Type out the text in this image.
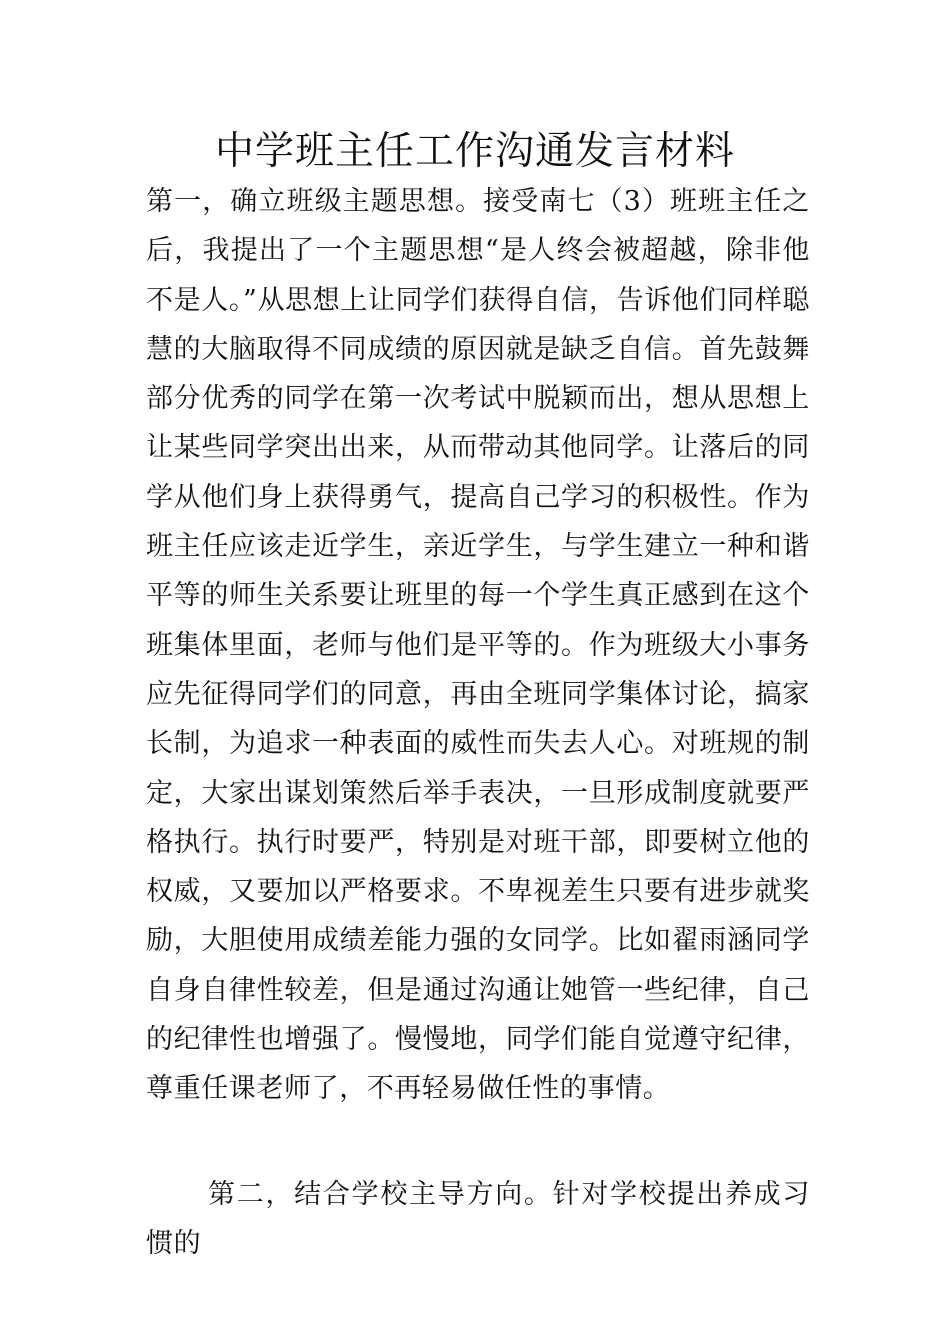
中学班主任工作沟通发言材料

第一，确立班级主题思想。接受南七（3）班班主任之后，我提出了一个主题思想“是人终会被超越，除非他不是人。”从思想上让同学们获得自信，告诉他们同样聪慧的大脑取得不同成绩的原因就是缺乏自信。首先鼓舞部分优秀的同学在第一次考试中脱颖而出，想从思想上让某些同学突出出来，从而带动其他同学。让落后的同学从他们身上获得勇气，提高自己学习的积极性。作为班主任应该走近学生，亲近学生，与学生建立一种和谐平等的师生关系要让班里的每一个学生真正感到在这个班集体里面，老师与他们是平等的。作为班级大小事务应先征得同学们的同意，再由全班同学集体讨论，搞家长制，为追求一种表面的威性而失去人心。对班规的制定，大家出谋划策然后举手表决，一旦形成制度就要严格执行。执行时要严，特别是对班干部，即要树立他的权威，又要加以严格要求。不卑视差生只要有进步就奖励，大胆使用成绩差能力强的女同学。比如翟雨涵同学自身自律性较差，但是通过沟通让她管一些纪律，自己的纪律性也增强了。慢慢地，同学们能自觉遵守纪律，尊重任课老师了，不再轻易做任性的事情。

第二，结合学校主导方向。针对学校提出养成习惯的
